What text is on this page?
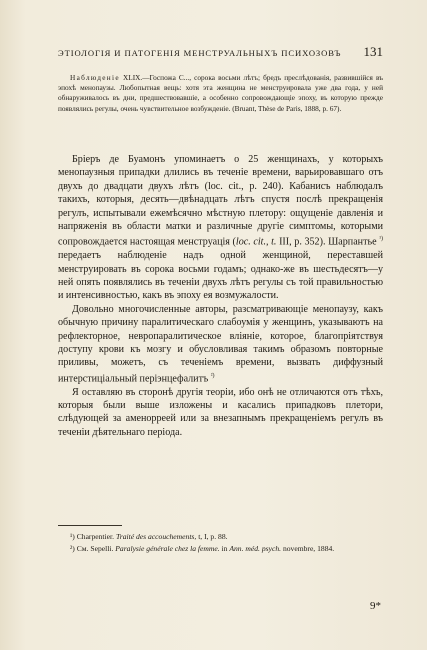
ЭТІОЛОГІЯ И ПАТОГЕНІЯ МЕНСТРУАЛЬНЫХЪ ПСИХОЗОВЪ 131
Наблюденіе XLIX.—Госпожа С..., сорока восьми лѣтъ; бредъ преслѣдованія, развившійся въ эпохѣ менопаузы. Любопытная вещь: хотя эта женщина не менструировала уже два года, у ней обнаруживалось въ дни, предшествовавшіе, а особенно сопровождающіе эпоху, въ которую прежде появлялись регулы, очень чувствительное возбужденіе. (Bruant, Thèse de Paris, 1888, р. 67).

Бріеръ де Буамонъ упоминаетъ о 25 женщинахъ, у которыхъ менопаузныя припадки длились въ теченіе времени, варьировавшаго отъ двухъ до двадцати двухъ лѣтъ (loc. cit., р. 240). Кабанисъ наблюдалъ такихъ, которыя, десять—двѣнадцать лѣтъ спустя послѣ прекращенія регулъ, испытывали ежемѣсячно мѣстную плетору: ощущеніе давленія и напряженія въ области матки и различные другіе симптомы, которыми сопровождается настоящая менструація (loc. cit., t. III, р. 352). Шарпантье $^{^1)}$ передаетъ наблюденіе надъ одной женщиной, переставшей менструировать въ сорока восьми годамъ; однако-же въ шестьдесятъ—у ней опять появлялись въ теченіи двухъ лѣтъ регулы съ той правильностью и интенсивностью, какъ въ эпоху ея возмужалости.

Довольно многочисленные авторы, разсматривающіе менопаузу, какъ обычную причину паралитическаго слабоумія у женщинъ, указываютъ на рефлекторное, невропаралитическое вліяніе, которое, благопріятствуя доступу крови къ мозгу и обусловливая такимъ образомъ повторные приливы, можетъ, съ теченіемъ времени, вызвать диффузный интерстиціальный періэнцефалитъ $^{^2)}$

Я оставляю въ сторонѣ другія теоріи, ибо онѣ не отличаются отъ тѣхъ, которыя были выше изложены и касались припадковъ плетори, слѣдующей за аменорреей или за внезапнымъ прекращеніемъ регулъ въ теченіи дѣятельнаго періода.

¹) Charpentier. Traité des accouchements, t, I, p. 88.
²) См. Sepelli. Paralysie générale chez la femme. in Ann. méd. psych. novembre, 1884.
9*
